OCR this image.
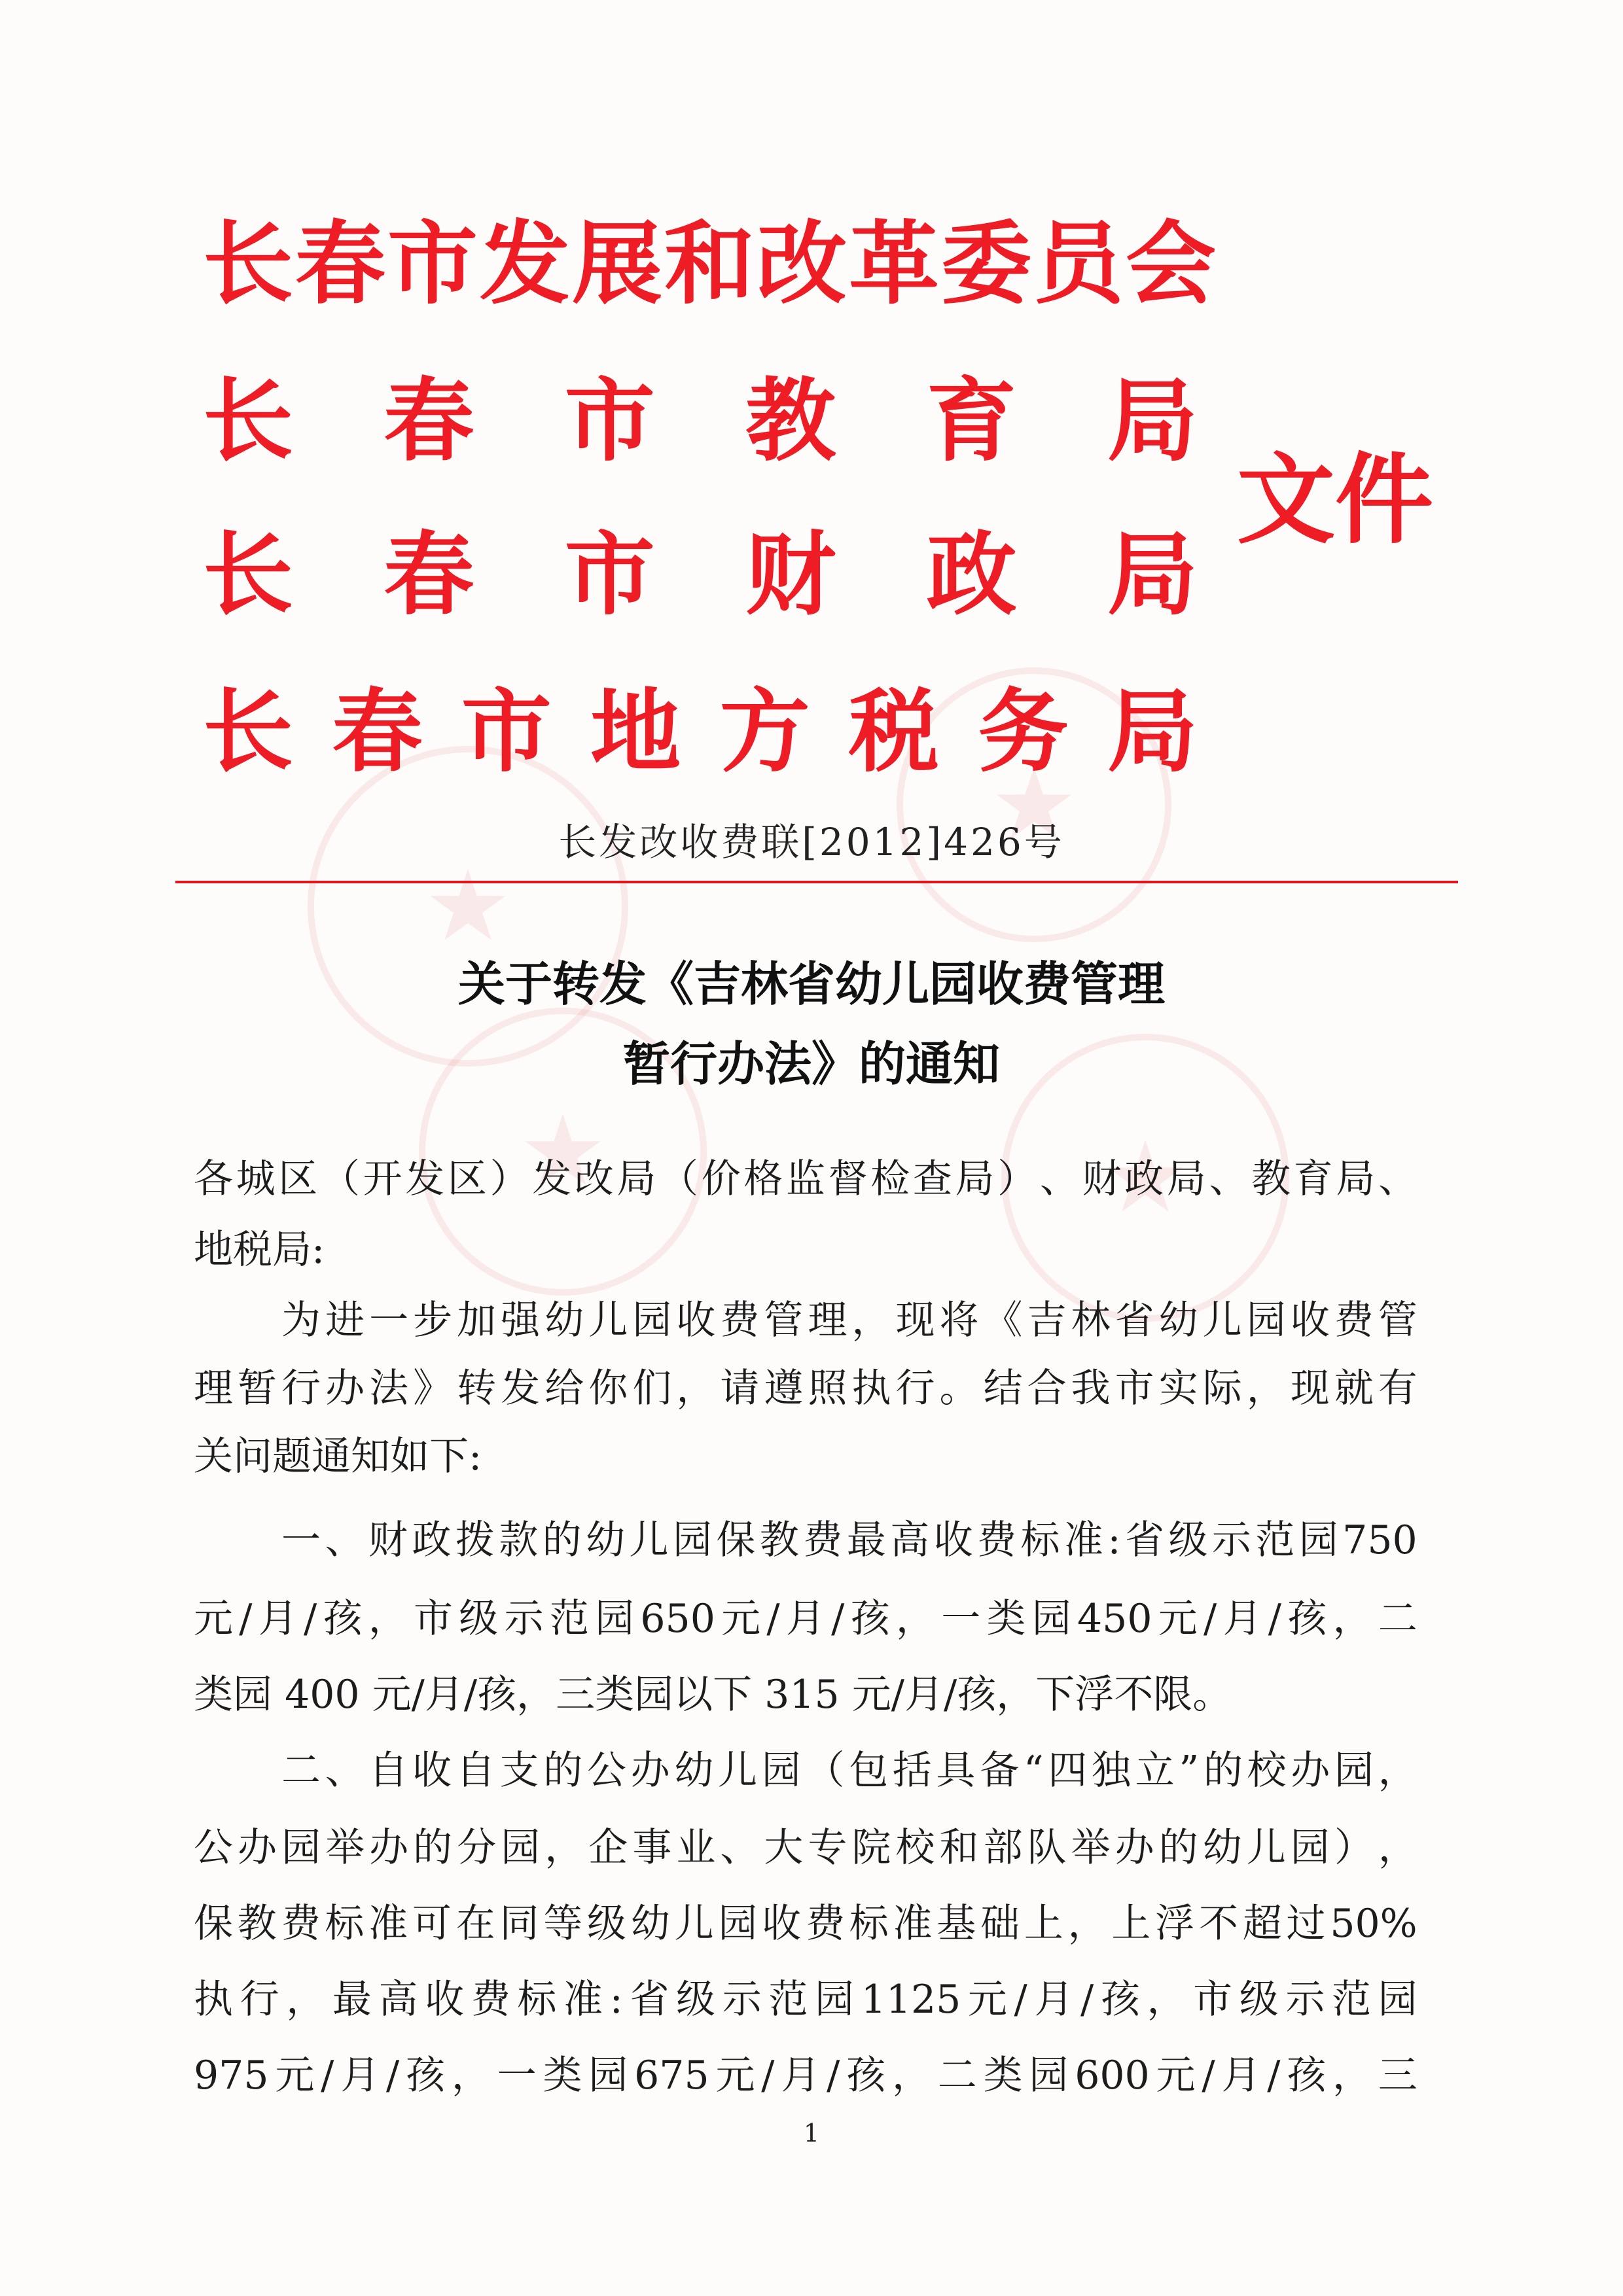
★
★
★
★
长春市发展和改革委员会
长 春 市 教 育 局
长 春 市 财 政 局
长 春 市 地 方 税 务 局
文件
长发改收费联[2012]426号
关于转发《吉林省幼儿园收费管理
暂行办法》的通知
各 城 区 （ 开 发 区 ） 发 改 局 （ 价 格 监 督 检 查 局 ） 、 财 政 局 、 教 育 局 、
地税局:
为 进 一 步 加 强 幼 儿 园 收 费 管 理 ， 现 将 《 吉 林 省 幼 儿 园 收 费 管
理 暂 行 办 法 》 转 发 给 你 们 ， 请 遵 照 执 行 。 结 合 我 市 实 际 ， 现 就 有
关问题通知如下:
一 、 财 政 拨 款 的 幼 儿 园 保 教 费 最 高 收 费 标 准 : 省 级 示 范 园 750
元 / 月 / 孩 ， 市 级 示 范 园 650 元 / 月 / 孩 ， 一 类 园 450 元 / 月 / 孩 ， 二
类园 400 元/月/孩，三类园以下 315 元/月/孩，下浮不限。
二 、 自 收 自 支 的 公 办 幼 儿 园 （ 包 括 具 备 “ 四 独 立 ” 的 校 办 园 ，
公 办 园 举 办 的 分 园 ， 企 事 业 、 大 专 院 校 和 部 队 举 办 的 幼 儿 园 ） ，
保 教 费 标 准 可 在 同 等 级 幼 儿 园 收 费 标 准 基 础 上 ， 上 浮 不 超 过 50%
执 行 ， 最 高 收 费 标 准 : 省 级 示 范 园 1125 元 / 月 / 孩 ， 市 级 示 范 园
975 元 / 月 / 孩 ， 一 类 园 675 元 / 月 / 孩 ， 二 类 园 600 元 / 月 / 孩 ， 三
1
